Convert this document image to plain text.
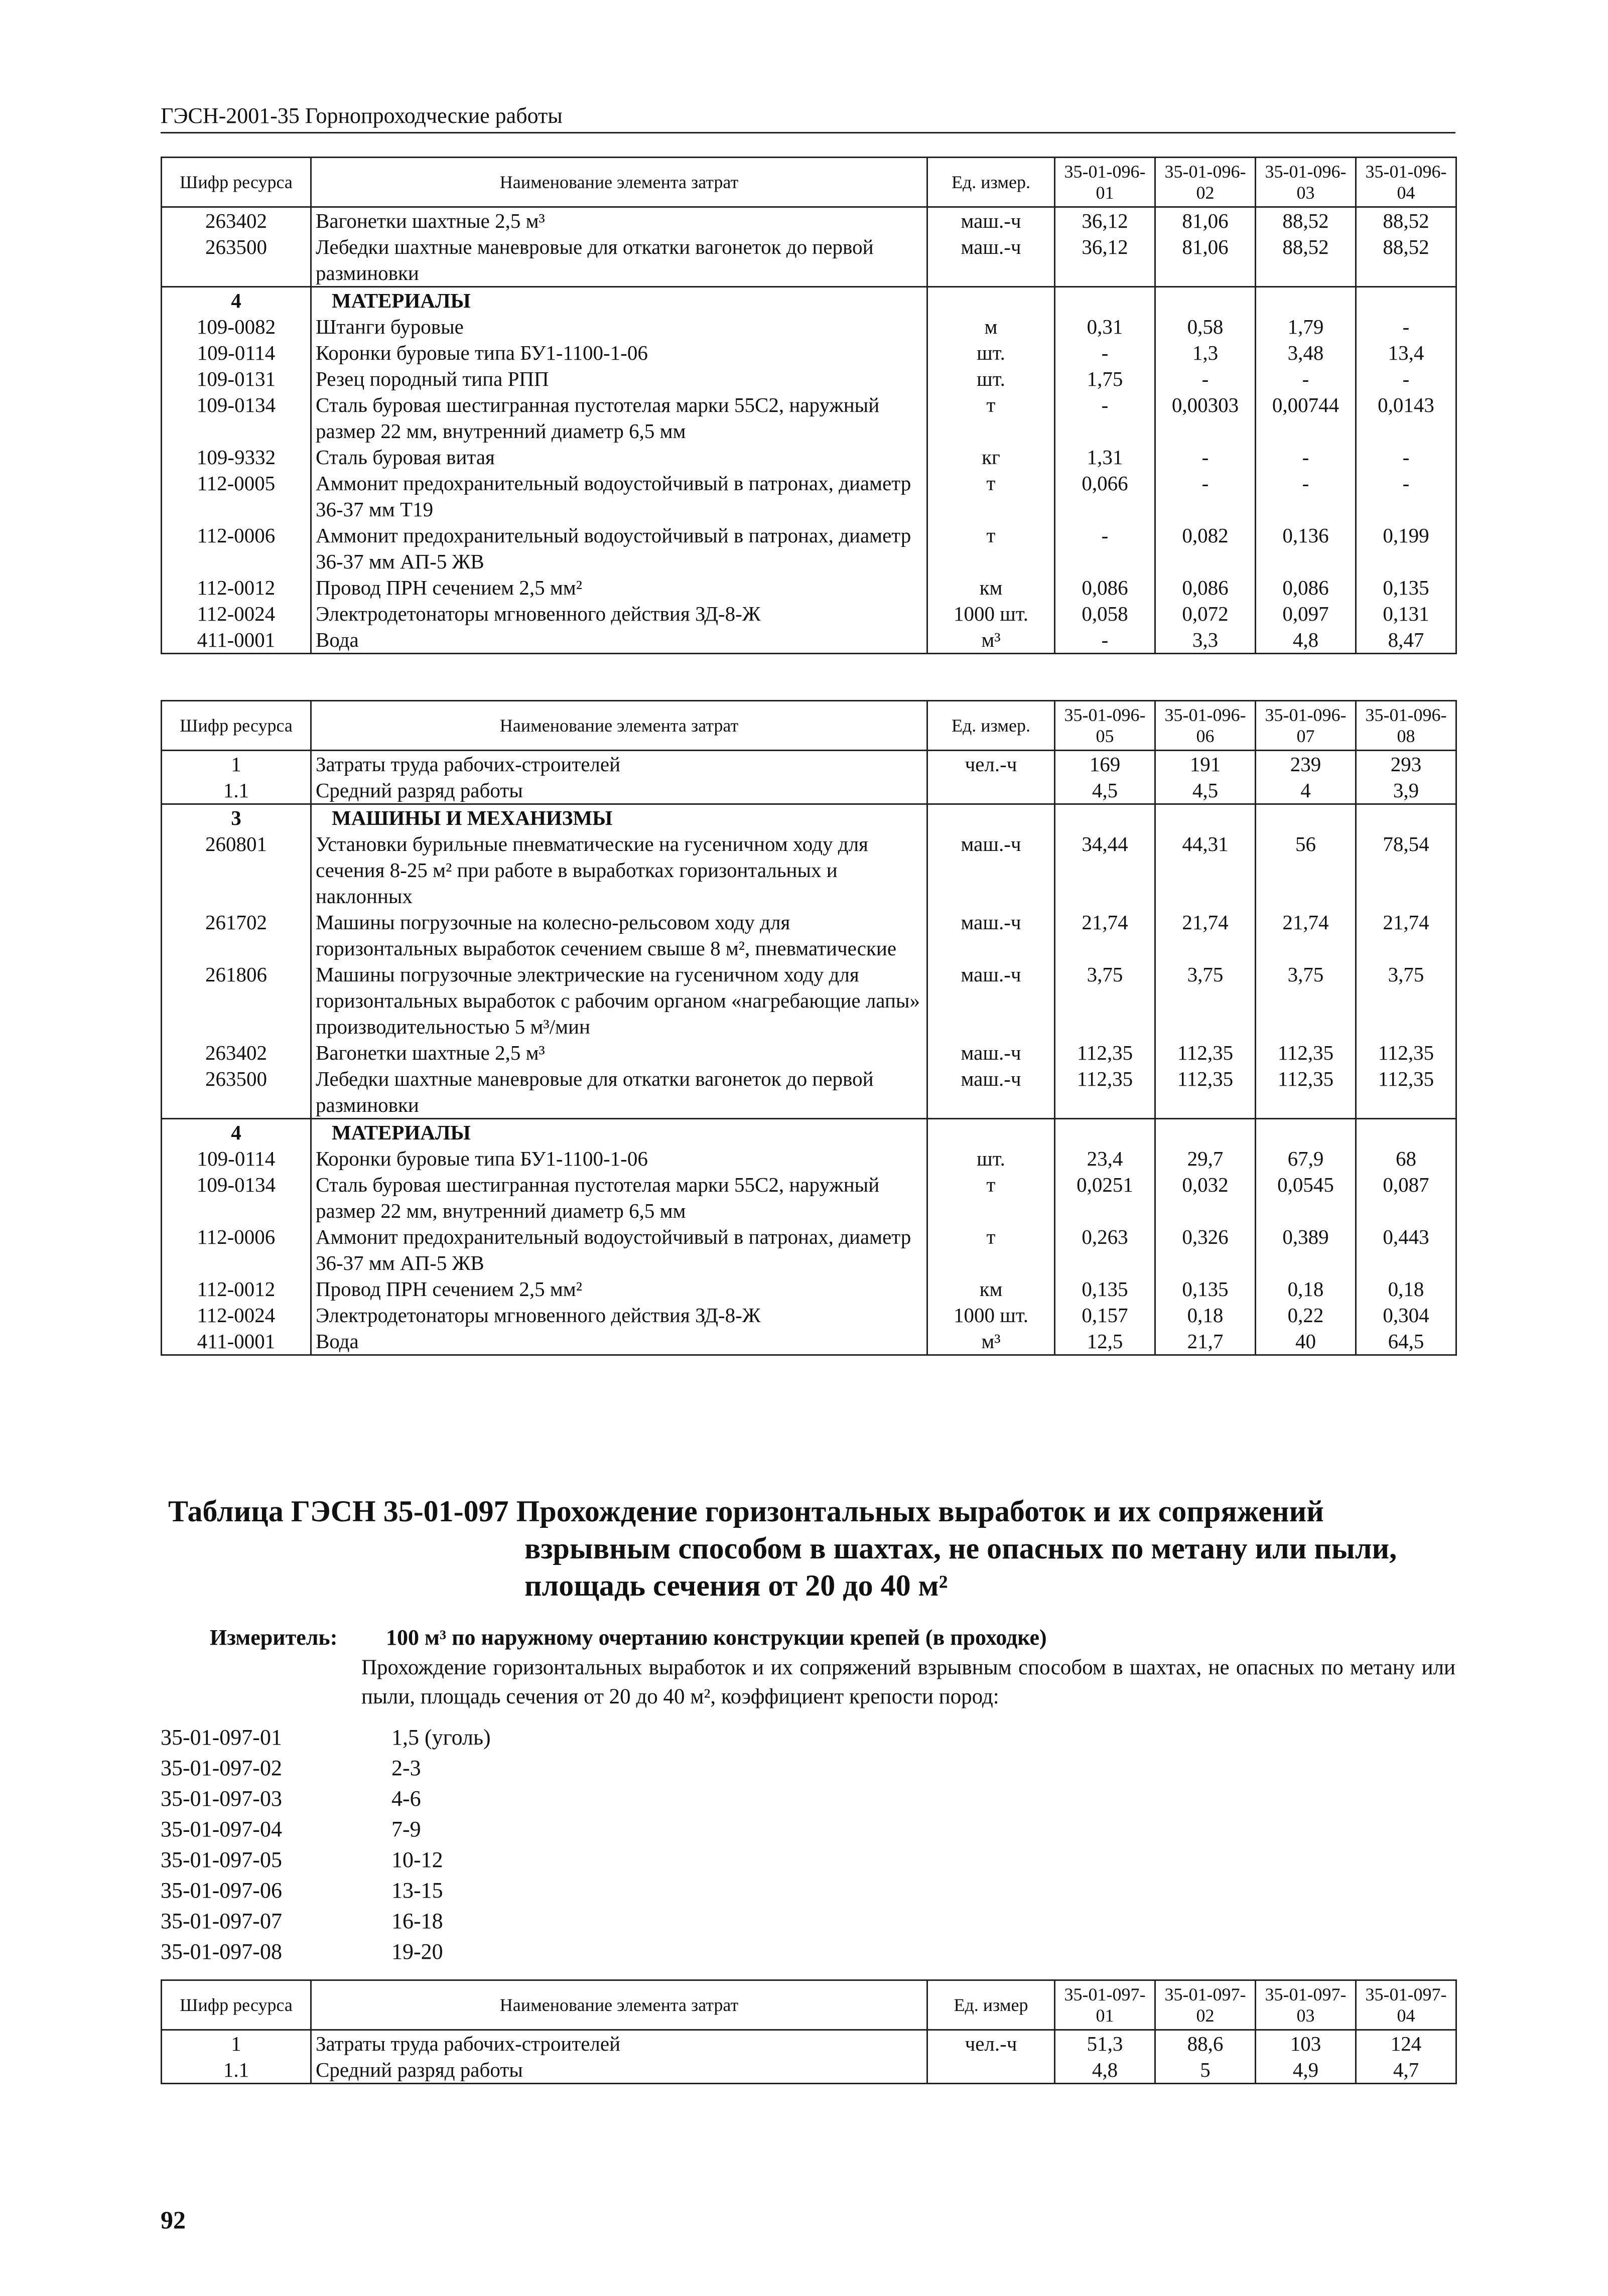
ГЭСН-2001-35 Горнопроходческие работы
Шифр ресурса	Наименование элемента затрат	Ед. измер.	35-01-096-01	35-01-096-02	35-01-096-03	35-01-096-04
263402	Вагонетки шахтные 2,5 м³	маш.-ч	36,12	81,06	88,52	88,52
263500	Лебедки шахтные маневровые для откатки вагонеток до первой разминовки	маш.-ч	36,12	81,06	88,52	88,52
4	МАТЕРИАЛЫ					
109-0082	Штанги буровые	м	0,31	0,58	1,79	-
109-0114	Коронки буровые типа БУ1-1100-1-06	шт.	-	1,3	3,48	13,4
109-0131	Резец породный типа РПП	шт.	1,75	-	-	-
109-0134	Сталь буровая шестигранная пустотелая марки 55С2, наружный размер 22 мм, внутренний диаметр 6,5 мм	т	-	0,00303	0,00744	0,0143
109-9332	Сталь буровая витая	кг	1,31	-	-	-
112-0005	Аммонит предохранительный водоустойчивый в патронах, диаметр 36-37 мм Т19	т	0,066	-	-	-
112-0006	Аммонит предохранительный водоустойчивый в патронах, диаметр 36-37 мм АП-5 ЖВ	т	-	0,082	0,136	0,199
112-0012	Провод ПРН сечением 2,5 мм²	км	0,086	0,086	0,086	0,135
112-0024	Электродетонаторы мгновенного действия ЗД-8-Ж	1000 шт.	0,058	0,072	0,097	0,131
411-0001	Вода	м³	-	3,3	4,8	8,47
Шифр ресурса	Наименование элемента затрат	Ед. измер.	35-01-096-05	35-01-096-06	35-01-096-07	35-01-096-08
1	Затраты труда рабочих-строителей	чел.-ч	169	191	239	293
1.1	Средний разряд работы		4,5	4,5	4	3,9
3	МАШИНЫ И МЕХАНИЗМЫ					
260801	Установки бурильные пневматические на гусеничном ходу для сечения 8-25 м² при работе в выработках горизонтальных и наклонных	маш.-ч	34,44	44,31	56	78,54
261702	Машины погрузочные на колесно-рельсовом ходу для горизонтальных выработок сечением свыше 8 м², пневматические	маш.-ч	21,74	21,74	21,74	21,74
261806	Машины погрузочные электрические на гусеничном ходу для горизонтальных выработок с рабочим органом «нагребающие лапы» производительностью 5 м³/мин	маш.-ч	3,75	3,75	3,75	3,75
263402	Вагонетки шахтные 2,5 м³	маш.-ч	112,35	112,35	112,35	112,35
263500	Лебедки шахтные маневровые для откатки вагонеток до первой разминовки	маш.-ч	112,35	112,35	112,35	112,35
4	МАТЕРИАЛЫ					
109-0114	Коронки буровые типа БУ1-1100-1-06	шт.	23,4	29,7	67,9	68
109-0134	Сталь буровая шестигранная пустотелая марки 55С2, наружный размер 22 мм, внутренний диаметр 6,5 мм	т	0,0251	0,032	0,0545	0,087
112-0006	Аммонит предохранительный водоустойчивый в патронах, диаметр 36-37 мм АП-5 ЖВ	т	0,263	0,326	0,389	0,443
112-0012	Провод ПРН сечением 2,5 мм²	км	0,135	0,135	0,18	0,18
112-0024	Электродетонаторы мгновенного действия ЗД-8-Ж	1000 шт.	0,157	0,18	0,22	0,304
411-0001	Вода	м³	12,5	21,7	40	64,5
Таблица ГЭСН 35-01-097 Прохождение горизонтальных выработок и их сопряжений
взрывным способом в шахтах, не опасных по метану или пыли, площадь сечения от 20 до 40 м²
Измеритель: 100 м³ по наружному очертанию конструкции крепей (в проходке)
Прохождение горизонтальных выработок и их сопряжений взрывным способом в шахтах, не опасных по метану или пыли, площадь сечения от 20 до 40 м², коэффициент крепости пород:
35-01-097-01	1,5 (уголь)
35-01-097-02	2-3
35-01-097-03	4-6
35-01-097-04	7-9
35-01-097-05	10-12
35-01-097-06	13-15
35-01-097-07	16-18
35-01-097-08	19-20
Шифр ресурса	Наименование элемента затрат	Ед. измер	35-01-097-01	35-01-097-02	35-01-097-03	35-01-097-04
1	Затраты труда рабочих-строителей	чел.-ч	51,3	88,6	103	124
1.1	Средний разряд работы		4,8	5	4,9	4,7
92
